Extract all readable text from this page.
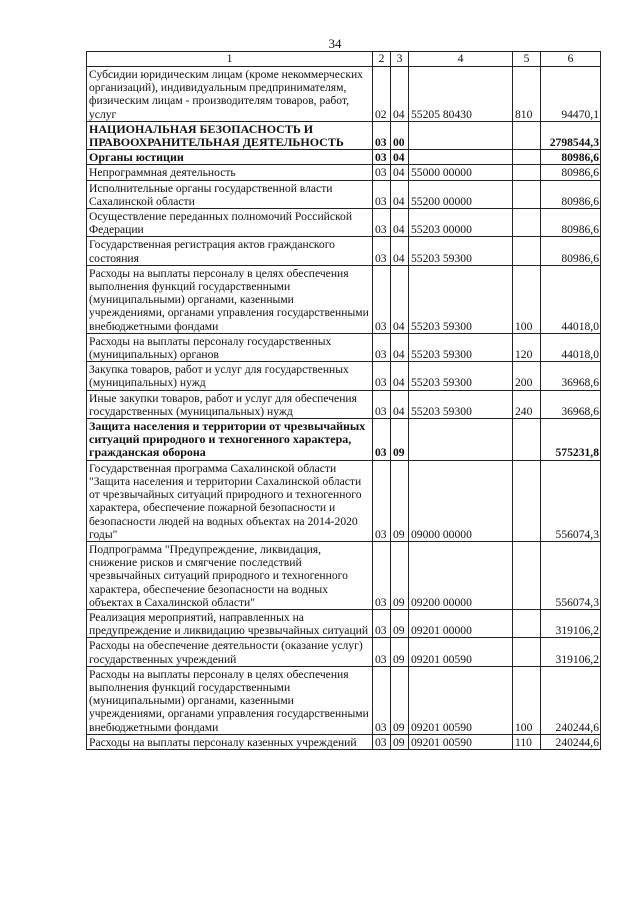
34
1	2	3	4	5	6
Субсидии юридическим лицам (кроме некоммерческих организаций), индивидуальным предпринимателям, физическим лицам - производителям товаров, работ, услуг	02	04	55205 80430	810	94470,1
НАЦИОНАЛЬНАЯ БЕЗОПАСНОСТЬ И ПРАВООХРАНИТЕЛЬНАЯ ДЕЯТЕЛЬНОСТЬ	03	00			2798544,3
Органы юстиции	03	04			80986,6
Непрограммная деятельность	03	04	55000 00000		80986,6
Исполнительные органы государственной власти Сахалинской области	03	04	55200 00000		80986,6
Осуществление переданных полномочий Российской Федерации	03	04	55203 00000		80986,6
Государственная регистрация актов гражданского состояния	03	04	55203 59300		80986,6
Расходы на выплаты персоналу в целях обеспечения выполнения функций государственными (муниципальными) органами, казенными учреждениями, органами управления государственными внебюджетными фондами	03	04	55203 59300	100	44018,0
Расходы на выплаты персоналу государственных (муниципальных) органов	03	04	55203 59300	120	44018,0
Закупка товаров, работ и услуг для государственных (муниципальных) нужд	03	04	55203 59300	200	36968,6
Иные закупки товаров, работ и услуг для обеспечения государственных (муниципальных) нужд	03	04	55203 59300	240	36968,6
Защита населения и территории от чрезвычайных ситуаций природного и техногенного характера, гражданская оборона	03	09			575231,8
Государственная программа Сахалинской области "Защита населения и территории Сахалинской области от чрезвычайных ситуаций природного и техногенного характера, обеспечение пожарной безопасности и безопасности людей на водных объектах на 2014-2020 годы"	03	09	09000 00000		556074,3
Подпрограмма "Предупреждение, ликвидация, снижение рисков и смягчение последствий чрезвычайных ситуаций природного и техногенного характера, обеспечение безопасности на водных объектах в Сахалинской области"	03	09	09200 00000		556074,3
Реализация мероприятий, направленных на предупреждение и ликвидацию чрезвычайных ситуаций	03	09	09201 00000		319106,2
Расходы на обеспечение деятельности (оказание услуг) государственных учреждений	03	09	09201 00590		319106,2
Расходы на выплаты персоналу в целях обеспечения выполнения функций государственными (муниципальными) органами, казенными учреждениями, органами управления государственными внебюджетными фондами	03	09	09201 00590	100	240244,6
Расходы на выплаты персоналу казенных учреждений	03	09	09201 00590	110	240244,6
